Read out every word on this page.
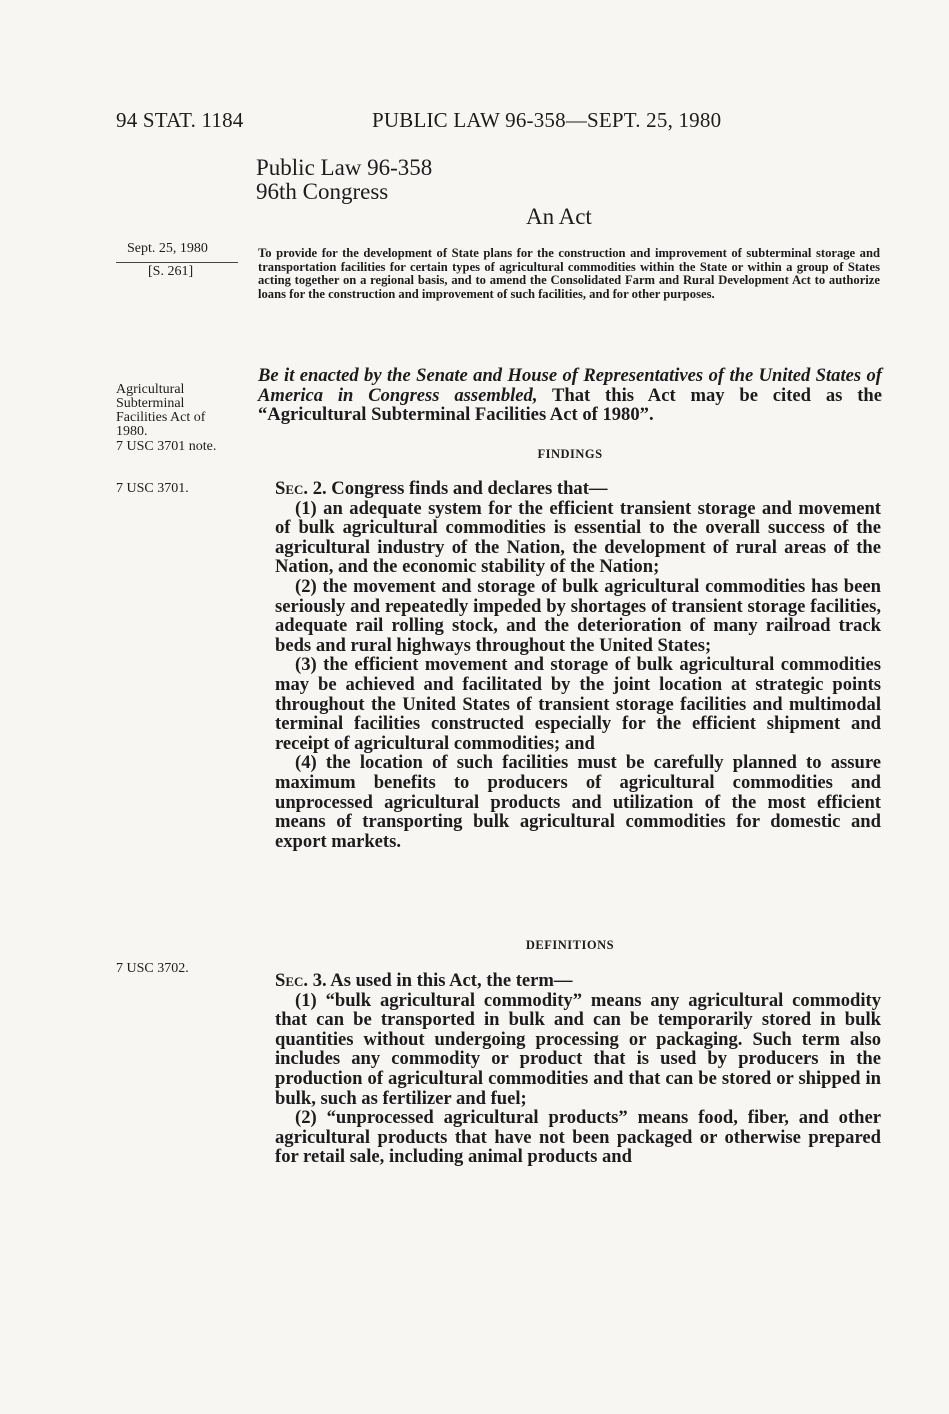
94 STAT. 1184	PUBLIC LAW 96-358—SEPT. 25, 1980
Public Law 96-358
96th Congress
An Act
Sept. 25, 1980
[S. 261]
Agricultural
Subterminal
Facilities Act of
1980.
7 USC 3701 note.
7 USC 3701.
7 USC 3702.
To provide for the development of State plans for the construction and improvement of subterminal storage and transportation facilities for certain types of agricultural commodities within the State or within a group of States acting together on a regional basis, and to amend the Consolidated Farm and Rural Development Act to authorize loans for the construction and improvement of such facilities, and for other purposes.
Be it enacted by the Senate and House of Representatives of the United States of America in Congress assembled, That this Act may be cited as the “Agricultural Subterminal Facilities Act of 1980”.
FINDINGS

Sec. 2. Congress finds and declares that—

(1) an adequate system for the efficient transient storage and movement of bulk agricultural commodities is essential to the overall success of the agricultural industry of the Nation, the development of rural areas of the Nation, and the economic stability of the Nation;

(2) the movement and storage of bulk agricultural commodities has been seriously and repeatedly impeded by shortages of transient storage facilities, adequate rail rolling stock, and the deterioration of many railroad track beds and rural highways throughout the United States;

(3) the efficient movement and storage of bulk agricultural commodities may be achieved and facilitated by the joint location at strategic points throughout the United States of transient storage facilities and multimodal terminal facilities constructed especially for the efficient shipment and receipt of agricultural commodities; and

(4) the location of such facilities must be carefully planned to assure maximum benefits to producers of agricultural commodities and unprocessed agricultural products and utilization of the most efficient means of transporting bulk agricultural commodities for domestic and export markets.

DEFINITIONS

Sec. 3. As used in this Act, the term—

(1) “bulk agricultural commodity” means any agricultural commodity that can be transported in bulk and can be temporarily stored in bulk quantities without undergoing processing or packaging. Such term also includes any commodity or product that is used by producers in the production of agricultural commodities and that can be stored or shipped in bulk, such as fertilizer and fuel;

(2) “unprocessed agricultural products” means food, fiber, and other agricultural products that have not been packaged or otherwise prepared for retail sale, including animal products and
